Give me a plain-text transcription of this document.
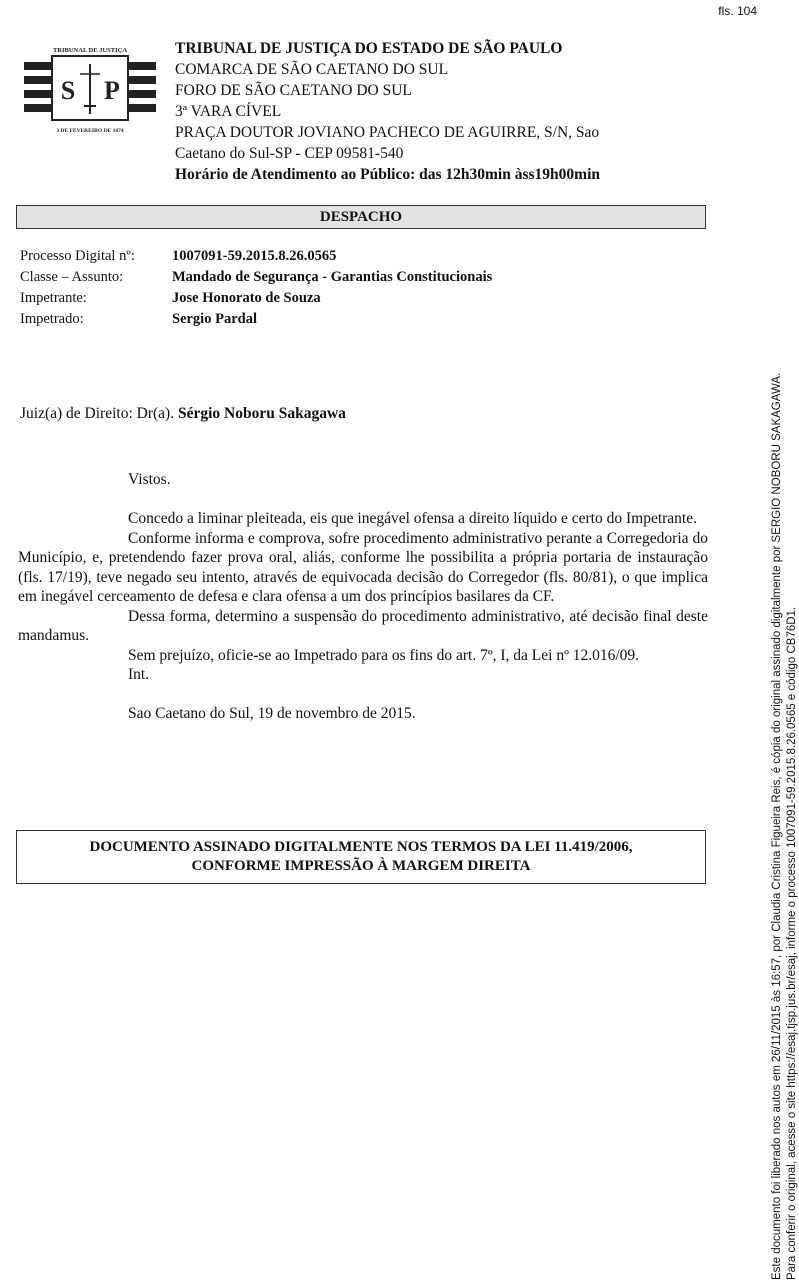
fls. 104
TRIBUNAL DE JUSTIÇA
S P
3 DE FEVEREIRO DE 1874
TRIBUNAL DE JUSTIÇA DO ESTADO DE SÃO PAULO
COMARCA DE SÃO CAETANO DO SUL
FORO DE SÃO CAETANO DO SUL
3ª VARA CÍVEL
PRAÇA DOUTOR JOVIANO PACHECO DE AGUIRRE, S/N, Sao
Caetano do Sul-SP - CEP 09581-540
Horário de Atendimento ao Público: das 12h30min àss19h00min
DESPACHO
Processo Digital nº:	1007091-59.2015.8.26.0565
Classe – Assunto:	Mandado de Segurança - Garantias Constitucionais
Impetrante:	Jose Honorato de Souza
Impetrado:	Sergio Pardal
Juiz(a) de Direito: Dr(a). Sérgio Noboru Sakagawa

Vistos.

Concedo a liminar pleiteada, eis que inegável ofensa a direito líquido e certo do Impetrante.

Conforme informa e comprova, sofre procedimento administrativo perante a Corregedoria do Município, e, pretendendo fazer prova oral, aliás, conforme lhe possibilita a própria portaria de instauração (fls. 17/19), teve negado seu intento, através de equivocada decisão do Corregedor (fls. 80/81), o que implica em inegável cerceamento de defesa e clara ofensa a um dos princípios basilares da CF.

Dessa forma, determino a suspensão do procedimento administrativo, até decisão final deste mandamus.

Sem prejuízo, oficie-se ao Impetrado para os fins do art. 7º, I, da Lei nº 12.016/09.

Int.

Sao Caetano do Sul, 19 de novembro de 2015.

DOCUMENTO ASSINADO DIGITALMENTE NOS TERMOS DA LEI 11.419/2006,
CONFORME IMPRESSÃO À MARGEM DIREITA	Este documento foi liberado nos autos em 26/11/2015 às 16:57, por Claudia Cristina Figueira Reis, é cópia do original assinado digitalmente por SERGIO NOBORU SAKAGAWA. Para conferir o original, acesse o site https://esaj.tjsp.jus.br/esaj, informe o processo 1007091-59.2015.8.26.0565 e código CB76D1.
